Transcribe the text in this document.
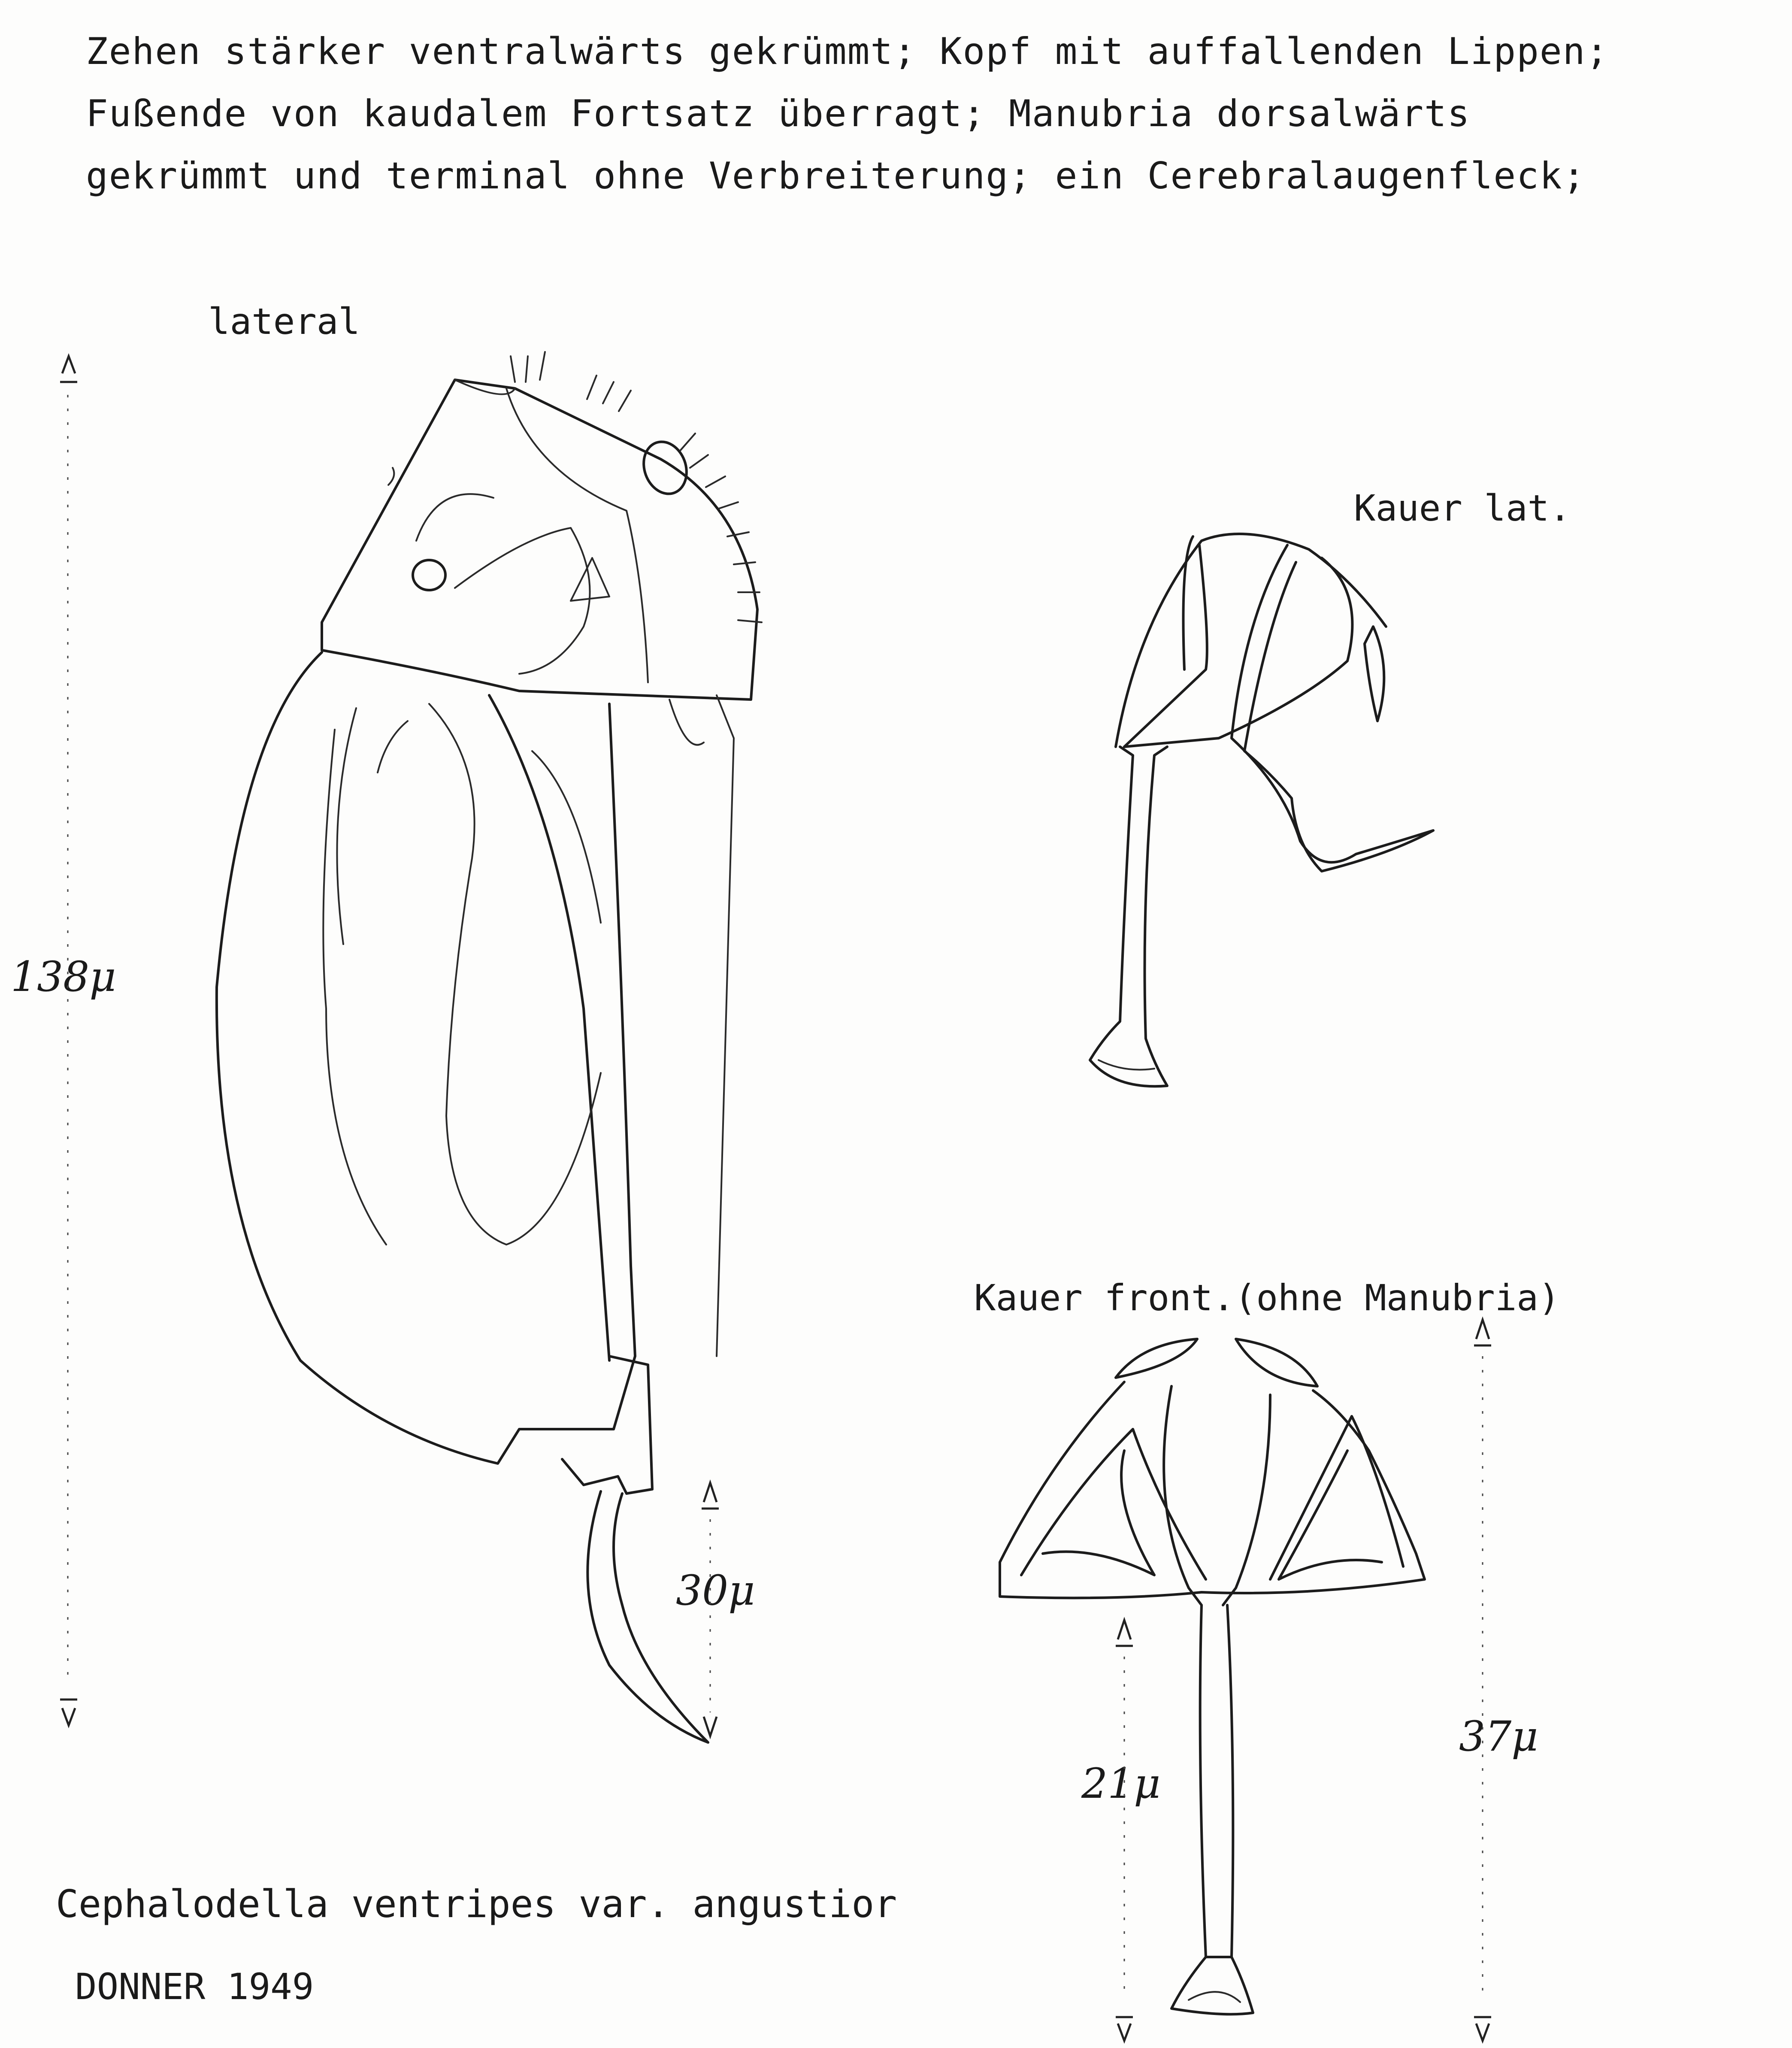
Zehen stärker ventralwärts gekrümmt; Kopf mit auffallenden Lippen;
Fußende von kaudalem Fortsatz überragt; Manubria dorsalwärts
gekrümmt und terminal ohne Verbreiterung; ein Cerebralaugenfleck;
lateral
Kauer lat.
Kauer front.(ohne Manubria)
138μ
30μ
21μ
37μ
Cephalodella ventripes var. angustior
DONNER 1949
